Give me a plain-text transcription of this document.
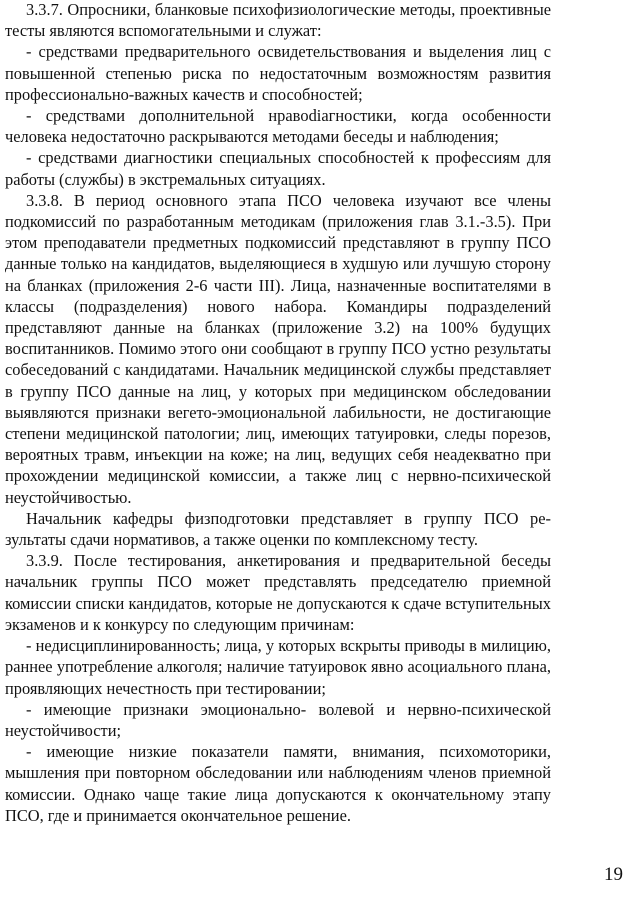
3.3.7. Опросники, бланковые психофизиологические методы, проективные тесты являются вспомогательными и служат:

- средствами предварительного освидетельствования и выделения лиц с повышенной степенью риска по недостаточным возможностям развития профессионально-важных качеств и способностей;

- средствами дополнительной нравodiагностики, когда особенности человека недостаточно раскрываются методами беседы и наблюдения;

- средствами диагностики специальных способностей к профессиям для работы (службы) в экстремальных ситуациях.

3.3.8. В период основного этапа ПСО человека изучают все члены подкомиссий по разработанным методикам (приложения глав 3.1.-3.5). При этом преподаватели предметных подкомиссий представляют в группу ПСО данные только на кандидатов, выделяющиеся в худшую или лучшую сторону на бланках (приложения 2-6 части III). Лица, назначенные воспитателями в классы (подразделения) нового набора. Командиры подразделений представляют данные на бланках (приложение 3.2) на 100% будущих воспитанников. Помимо этого они сообщают в группу ПСО устно результаты собеседований с кандидатами. Начальник медицинской службы представляет в группу ПСО данные на лиц, у которых при медицинском обследовании выявляются признаки вегето-эмоциональной лабильности, не достигающие степени медицинской патологии; лиц, имеющих татуировки, следы порезов, вероятных травм, инъекции на коже; на лиц, ведущих себя неадекватно при прохождении медицинской комиссии, а также лиц с нервно-психической неустойчивостью.

Начальник кафедры физподготовки представляет в группу ПСО результаты сдачи нормативов, а также оценки по комплексному тесту.

3.3.9. После тестирования, анкетирования и предварительной беседы начальник группы ПСО может представлять председателю приемной комиссии списки кандидатов, которые не допускаются к сдаче вступительных экзаменов и к конкурсу по следующим причинам:

- недисциплинированность; лица, у которых вскрыты приводы в милицию, раннее употребление алкоголя; наличие татуировок явно асоциального плана, проявляющих нечестность при тестировании;

- имеющие признаки эмоционально- волевой и нервно-психической неустойчивости;

- имеющие низкие показатели памяти, внимания, психомоторики, мышления при повторном обследовании или наблюдениям членов приемной комиссии. Однако чаще такие лица допускаются к окончательному этапу ПСО, где и принимается окончательное решение.

19
